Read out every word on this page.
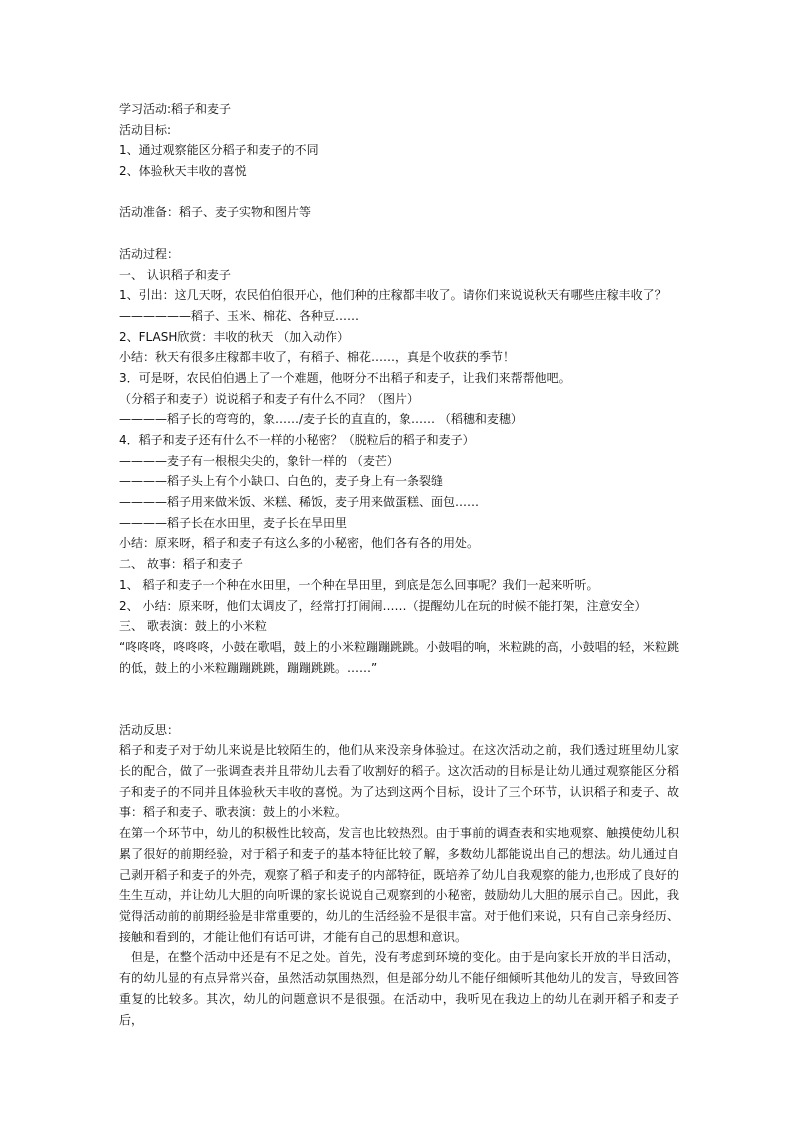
学习活动:稻子和麦子
活动目标:
1、通过观察能区分稻子和麦子的不同
2、体验秋天丰收的喜悦
活动准备：稻子、麦子实物和图片等
活动过程：
一、 认识稻子和麦子
1、引出：这几天呀，农民伯伯很开心，他们种的庄稼都丰收了。请你们来说说秋天有哪些庄稼丰收了？
——————稻子、玉米、棉花、各种豆……
2、FLASH欣赏：丰收的秋天 （加入动作）
小结：秋天有很多庄稼都丰收了，有稻子、棉花……，真是个收获的季节！
3．可是呀，农民伯伯遇上了一个难题，他呀分不出稻子和麦子，让我们来帮帮他吧。
（分稻子和麦子）说说稻子和麦子有什么不同？（图片）
————稻子长的弯弯的，象……/麦子长的直直的，象…… （稻穗和麦穗）
4．稻子和麦子还有什么不一样的小秘密？（脱粒后的稻子和麦子）
————麦子有一根根尖尖的，象针一样的 （麦芒）
————稻子头上有个小缺口、白色的，麦子身上有一条裂缝
————稻子用来做米饭、米糕、稀饭，麦子用来做蛋糕、面包……
————稻子长在水田里，麦子长在旱田里
小结：原来呀，稻子和麦子有这么多的小秘密，他们各有各的用处。
二、 故事：稻子和麦子
1、 稻子和麦子一个种在水田里，一个种在旱田里，到底是怎么回事呢？我们一起来听听。
2、 小结：原来呀，他们太调皮了，经常打打闹闹……（提醒幼儿在玩的时候不能打架，注意安全）
三、 歌表演：鼓上的小米粒
“咚咚咚，咚咚咚，小鼓在歌唱，鼓上的小米粒蹦蹦跳跳。小鼓唱的响，米粒跳的高，小鼓唱的轻，米粒跳的低，鼓上的小米粒蹦蹦跳跳，蹦蹦跳跳。……”
活动反思：
稻子和麦子对于幼儿来说是比较陌生的，他们从来没亲身体验过。在这次活动之前，我们透过班里幼儿家长的配合，做了一张调查表并且带幼儿去看了收割好的稻子。这次活动的目标是让幼儿通过观察能区分稻子和麦子的不同并且体验秋天丰收的喜悦。为了达到这两个目标，设计了三个环节，认识稻子和麦子、故事：稻子和麦子、歌表演：鼓上的小米粒。
在第一个环节中，幼儿的积极性比较高，发言也比较热烈。由于事前的调查表和实地观察、触摸使幼儿积累了很好的前期经验，对于稻子和麦子的基本特征比较了解，多数幼儿都能说出自己的想法。幼儿通过自己剥开稻子和麦子的外壳，观察了稻子和麦子的内部特征，既培养了幼儿自我观察的能力,也形成了良好的生生互动，并让幼儿大胆的向听课的家长说说自己观察到的小秘密，鼓励幼儿大胆的展示自己。因此，我觉得活动前的前期经验是非常重要的，幼儿的生活经验不是很丰富。对于他们来说，只有自己亲身经历、接触和看到的，才能让他们有话可讲，才能有自己的思想和意识。
但是，在整个活动中还是有不足之处。首先，没有考虑到环境的变化。由于是向家长开放的半日活动，有的幼儿显的有点异常兴奋，虽然活动氛围热烈，但是部分幼儿不能仔细倾听其他幼儿的发言，导致回答重复的比较多。其次，幼儿的问题意识不是很强。在活动中，我听见在我边上的幼儿在剥开稻子和麦子后，
